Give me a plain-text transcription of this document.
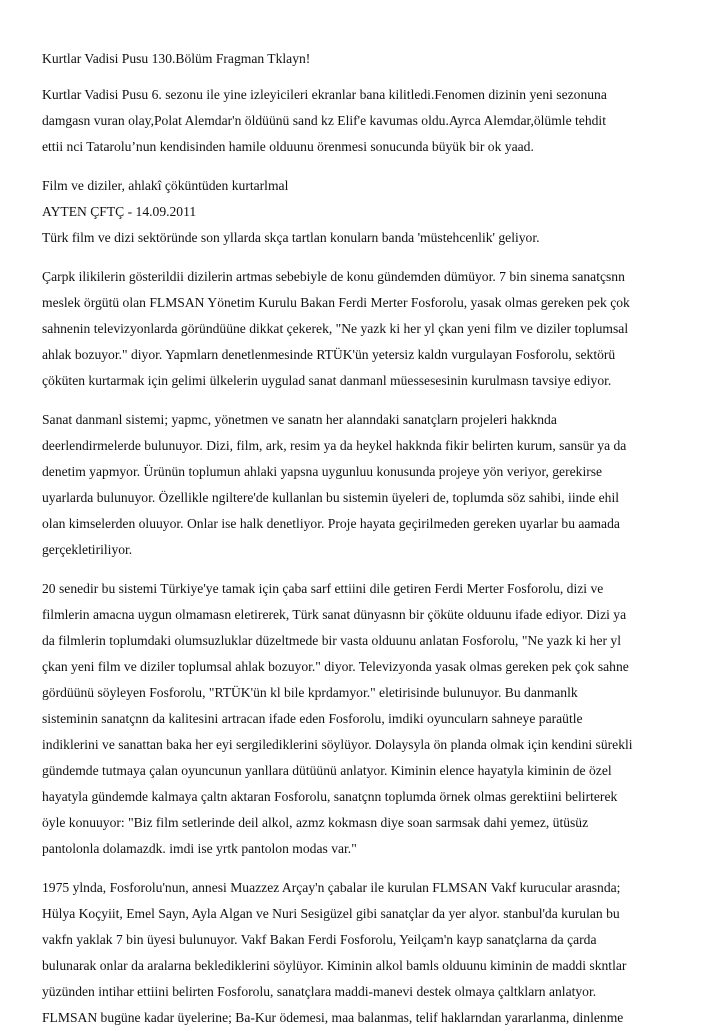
Kurtlar Vadisi Pusu 130.Bölüm Fragman Tklayn!
Kurtlar Vadisi Pusu 6. sezonu ile yine izleyicileri ekranlar bana kilitledi.Fenomen dizinin yeni sezonuna
damgasn vuran olay,Polat Alemdar'n öldüünü sand kz Elif'e kavumas oldu.Ayrca Alemdar,ölümle tehdit
ettii nci Tataroluʼnun kendisinden hamile olduunu örenmesi sonucunda büyük bir ok yaad.
Film ve diziler, ahlakî çöküntüden kurtarlmal
AYTEN ÇFTÇ - 14.09.2011
Türk film ve dizi sektöründe son yllarda skça tartlan konularn banda 'müstehcenlik' geliyor.
Çarpk ilikilerin gösterildii dizilerin artmas sebebiyle de konu gündemden dümüyor. 7 bin sinema sanatçsnn
meslek örgütü olan FLMSAN Yönetim Kurulu Bakan Ferdi Merter Fosforolu, yasak olmas gereken pek çok
sahnenin televizyonlarda göründüüne dikkat çekerek, "Ne yazk ki her yl çkan yeni film ve diziler toplumsal
ahlak bozuyor." diyor. Yapmlarn denetlenmesinde RTÜK'ün yetersiz kaldn vurgulayan Fosforolu, sektörü
çöküten kurtarmak için gelimi ülkelerin uygulad sanat danmanl müessesesinin kurulmasn tavsiye ediyor.
Sanat danmanl sistemi; yapmc, yönetmen ve sanatn her alanndaki sanatçlarn projeleri hakknda
deerlendirmelerde bulunuyor. Dizi, film, ark, resim ya da heykel hakknda fikir belirten kurum, sansür ya da
denetim yapmyor. Ürünün toplumun ahlaki yapsna uygunluu konusunda projeye yön veriyor, gerekirse
uyarlarda bulunuyor. Özellikle ngiltere'de kullanlan bu sistemin üyeleri de, toplumda söz sahibi, iinde ehil
olan kimselerden oluuyor. Onlar ise halk denetliyor. Proje hayata geçirilmeden gereken uyarlar bu aamada
gerçekletiriliyor.
20 senedir bu sistemi Türkiye'ye tamak için çaba sarf ettiini dile getiren Ferdi Merter Fosforolu, dizi ve
filmlerin amacna uygun olmamasn eletirerek, Türk sanat dünyasnn bir çöküte olduunu ifade ediyor. Dizi ya
da filmlerin toplumdaki olumsuzluklar düzeltmede bir vasta olduunu anlatan Fosforolu, "Ne yazk ki her yl
çkan yeni film ve diziler toplumsal ahlak bozuyor." diyor. Televizyonda yasak olmas gereken pek çok sahne
gördüünü söyleyen Fosforolu, "RTÜK'ün kl bile kprdamyor." eletirisinde bulunuyor. Bu danmanlk
sisteminin sanatçnn da kalitesini artracan ifade eden Fosforolu, imdiki oyuncularn sahneye paraütle
indiklerini ve sanattan baka her eyi sergilediklerini söylüyor. Dolaysyla ön planda olmak için kendini sürekli
gündemde tutmaya çalan oyuncunun yanllara dütüünü anlatyor. Kiminin elence hayatyla kiminin de özel
hayatyla gündemde kalmaya çaltn aktaran Fosforolu, sanatçnn toplumda örnek olmas gerektiini belirterek
öyle konuuyor: "Biz film setlerinde deil alkol, azmz kokmasn diye soan sarmsak dahi yemez, ütüsüz
pantolonla dolamazdk. imdi ise yrtk pantolon modas var."
1975 ylnda, Fosforolu'nun, annesi Muazzez Arçay'n çabalar ile kurulan FLMSAN Vakf kurucular arasnda;
Hülya Koçyiit, Emel Sayn, Ayla Algan ve Nuri Sesigüzel gibi sanatçlar da yer alyor. stanbul'da kurulan bu
vakfn yaklak 7 bin üyesi bulunuyor. Vakf Bakan Ferdi Fosforolu, Yeilçam'n kayp sanatçlarna da çarda
bulunarak onlar da aralarna beklediklerini söylüyor. Kiminin alkol bamls olduunu kiminin de maddi skntlar
yüzünden intihar ettiini belirten Fosforolu, sanatçlara maddi-manevi destek olmaya çaltklarn anlatyor.
FLMSAN bugüne kadar üyelerine; Ba-Kur ödemesi, maa balanmas, telif haklarndan yararlanma, dinlenme
